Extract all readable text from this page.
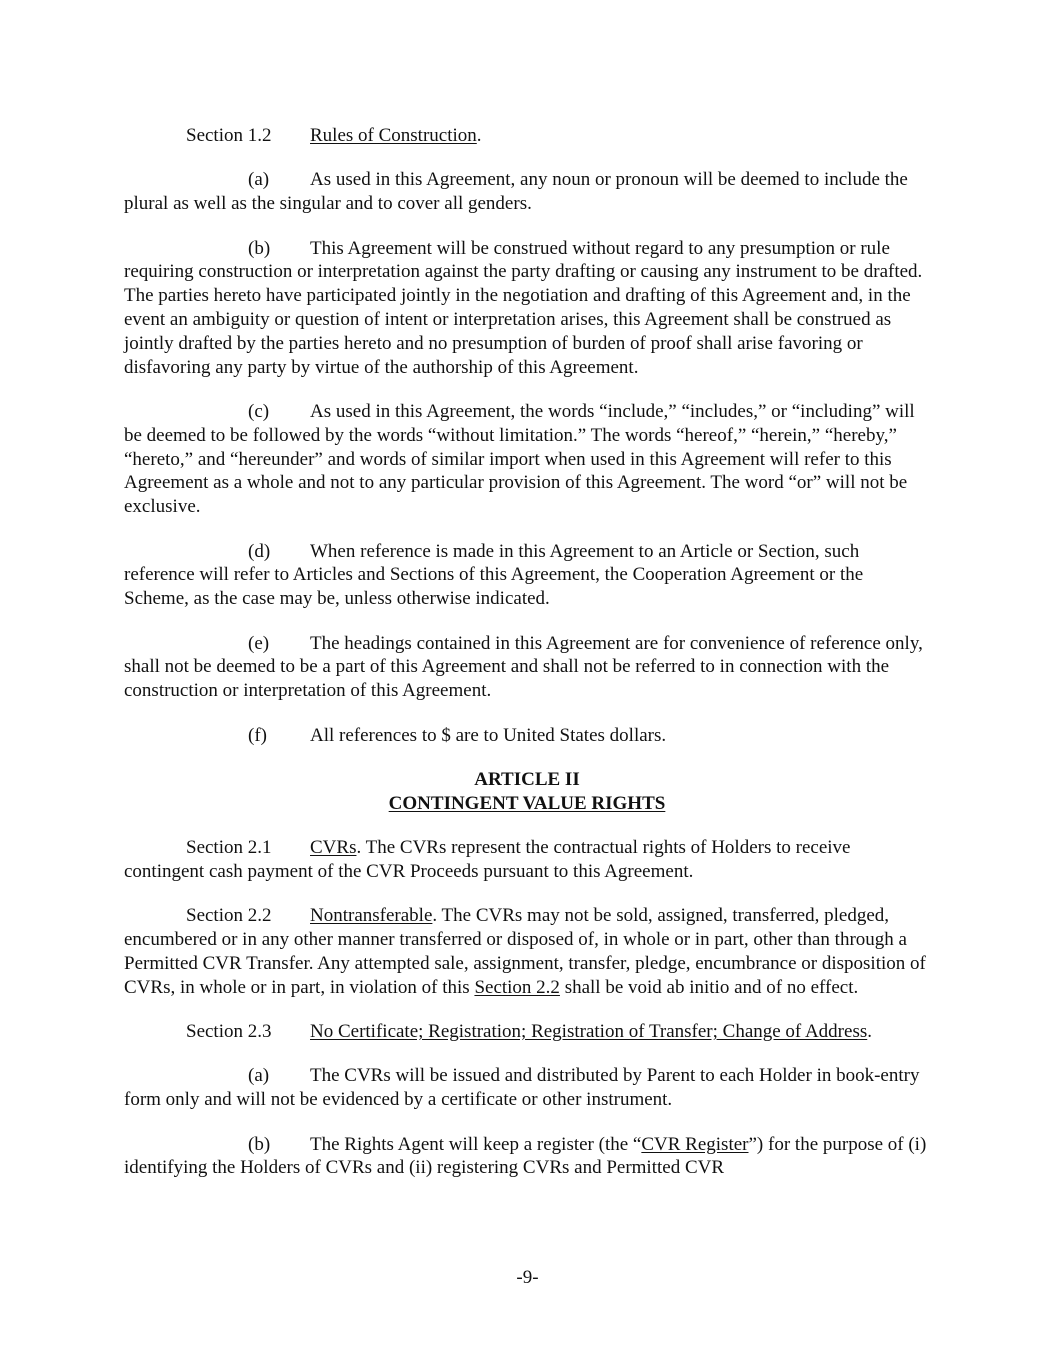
Section 1.2 Rules of Construction.

(a) As used in this Agreement, any noun or pronoun will be deemed to include the plural as well as the singular and to cover all genders.

(b) This Agreement will be construed without regard to any presumption or rule requiring construction or interpretation against the party drafting or causing any instrument to be drafted. The parties hereto have participated jointly in the negotiation and drafting of this Agreement and, in the event an ambiguity or question of intent or interpretation arises, this Agreement shall be construed as jointly drafted by the parties hereto and no presumption of burden of proof shall arise favoring or disfavoring any party by virtue of the authorship of this Agreement.

(c) As used in this Agreement, the words “include,” “includes,” or “including” will be deemed to be followed by the words “without limitation.” The words “hereof,” “herein,” “hereby,” “hereto,” and “hereunder” and words of similar import when used in this Agreement will refer to this Agreement as a whole and not to any particular provision of this Agreement. The word “or” will not be exclusive.

(d) When reference is made in this Agreement to an Article or Section, such reference will refer to Articles and Sections of this Agreement, the Cooperation Agreement or the Scheme, as the case may be, unless otherwise indicated.

(e) The headings contained in this Agreement are for convenience of reference only, shall not be deemed to be a part of this Agreement and shall not be referred to in connection with the construction or interpretation of this Agreement.

(f) All references to $ are to United States dollars.

ARTICLE II
CONTINGENT VALUE RIGHTS

Section 2.1 CVRs. The CVRs represent the contractual rights of Holders to receive contingent cash payment of the CVR Proceeds pursuant to this Agreement.

Section 2.2 Nontransferable. The CVRs may not be sold, assigned, transferred, pledged, encumbered or in any other manner transferred or disposed of, in whole or in part, other than through a Permitted CVR Transfer. Any attempted sale, assignment, transfer, pledge, encumbrance or disposition of CVRs, in whole or in part, in violation of this Section 2.2 shall be void ab initio and of no effect.

Section 2.3 No Certificate; Registration; Registration of Transfer; Change of Address.

(a) The CVRs will be issued and distributed by Parent to each Holder in book-entry form only and will not be evidenced by a certificate or other instrument.

(b) The Rights Agent will keep a register (the “CVR Register”) for the purpose of (i) identifying the Holders of CVRs and (ii) registering CVRs and Permitted CVR

-9-
